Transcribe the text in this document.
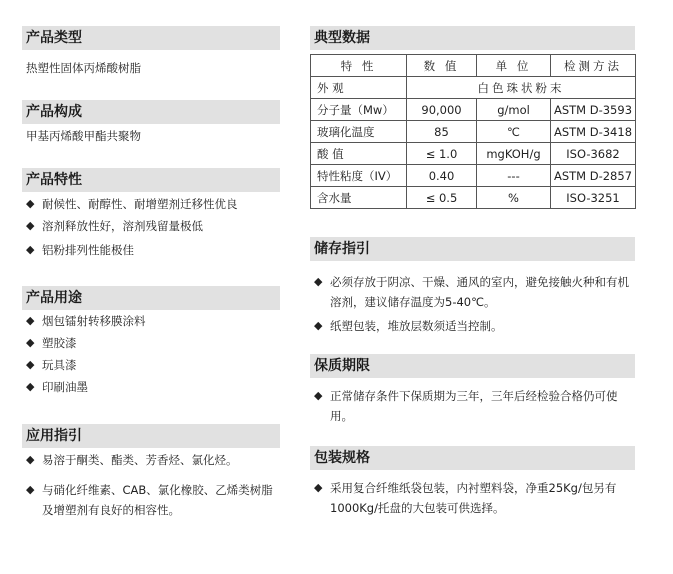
产品类型
热塑性固体丙烯酸树脂
产品构成
甲基丙烯酸甲酯共聚物
产品特性
◆ 耐候性、耐醇性、耐增塑剂迁移性优良
◆ 溶剂释放性好，溶剂残留量极低
◆ 铝粉排列性能极佳
产品用途
◆ 烟包镭射转移膜涂料
◆ 塑胶漆
◆ 玩具漆
◆ 印刷油墨
应用指引
◆ 易溶于酮类、酯类、芳香烃、氯化烃。
◆ 与硝化纤维素、CAB、氯化橡胶、乙烯类树脂及增塑剂有良好的相容性。
典型数据
特 性	数 值	单 位	检测方法
外 观	白色珠状粉末		
分子量（Mw）	90,000	g/mol	ASTM D-3593
玻璃化温度	85	℃	ASTM D-3418
酸 值	≤ 1.0	mgKOH/g	ISO-3682
特性粘度（IV）	0.40	---	ASTM D-2857
含水量	≤ 0.5	%	ISO-3251
储存指引
◆ 必须存放于阴凉、干燥、通风的室内，避免接触火种和有机溶剂，建议储存温度为5-40℃。
◆ 纸塑包装，堆放层数须适当控制。
保质期限
◆ 正常储存条件下保质期为三年，三年后经检验合格仍可使用。
包装规格
◆ 采用复合纤维纸袋包装，内衬塑料袋，净重25Kg/包另有1000Kg/托盘的大包装可供选择。
